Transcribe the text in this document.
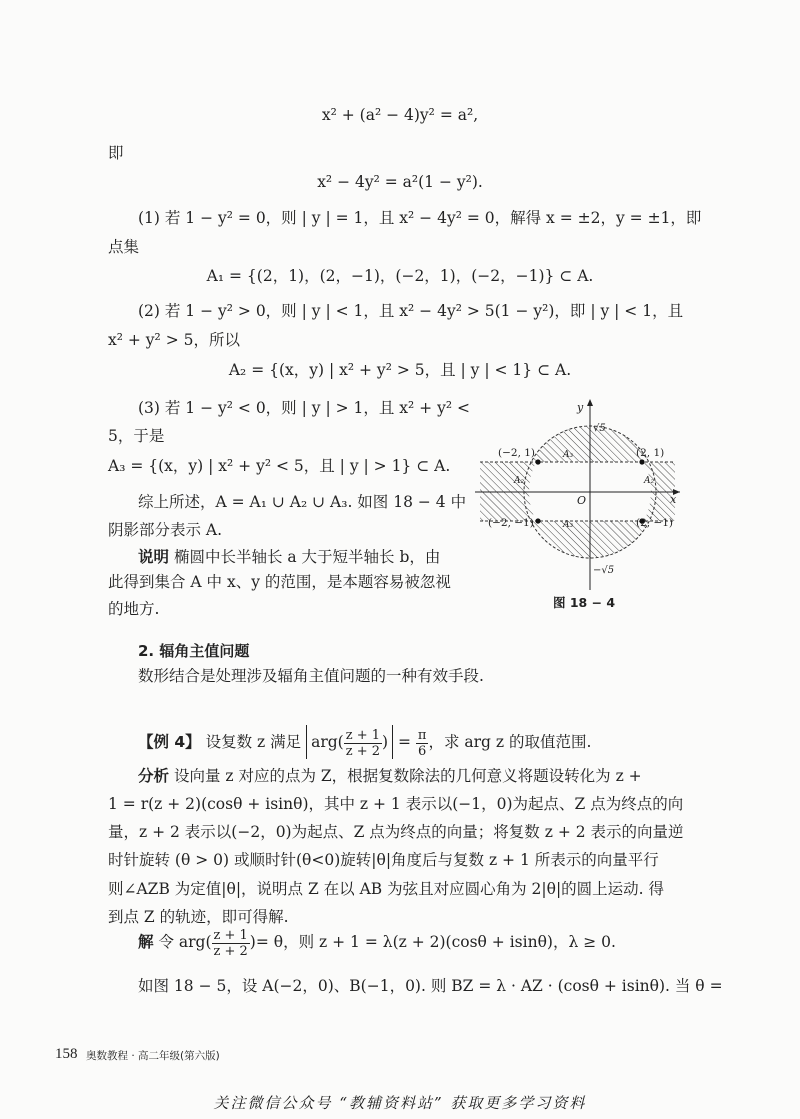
x² + (a² − 4)y² = a²,
即
x² − 4y² = a²(1 − y²).
(1) 若 1 − y² = 0，则 | y | = 1，且 x² − 4y² = 0，解得 x = ±2，y = ±1，即
点集
A₁ = {(2，1)，(2，−1)，(−2，1)，(−2，−1)} ⊂ A.
(2) 若 1 − y² > 0，则 | y | < 1，且 x² − 4y² > 5(1 − y²)，即 | y | < 1，且
x² + y² > 5，所以
A₂ = {(x，y) | x² + y² > 5，且 | y | < 1} ⊂ A.
(3) 若 1 − y² < 0，则 | y | > 1，且 x² + y² <
5，于是
A₃ = {(x，y) | x² + y² < 5，且 | y | > 1} ⊂ A.
综上所述，A = A₁ ∪ A₂ ∪ A₃. 如图 18 − 4 中
阴影部分表示 A.
说明 椭圆中长半轴长 a 大于短半轴长 b，由
此得到集合 A 中 x、y 的范围，是本题容易被忽视
的地方.
y
x
O
√5
−√5
A₃
A₂	A₂
A₃
(−2, 1)	(2, 1)
(−2, −1)	(2, −1)
图 18 − 4
2. 辐角主值问题
数形结合是处理涉及辐角主值问题的一种有效手段.
【例 4】 设复数 z 满足 $arg( \frac{z + 1}{z + 2}$ ) = $\frac{\pi}{6}$ ，求 arg z 的取值范围.
分析 设向量 z 对应的点为 Z，根据复数除法的几何意义将题设转化为 z +
1 = r(z + 2)(cosθ + isinθ)，其中 z + 1 表示以(−1，0)为起点、Z 点为终点的向
量，z + 2 表示以(−2，0)为起点、Z 点为终点的向量；将复数 z + 2 表示的向量逆
时针旋转 (θ > 0) 或顺时针(θ<0)旋转|θ|角度后与复数 z + 1 所表示的向量平行
则∠AZB 为定值|θ|，说明点 Z 在以 AB 为弦且对应圆心角为 2|θ|的圆上运动. 得
到点 Z 的轨迹，即可得解.
解 令 $arg( \frac{z + 1}{z + 2}$ )= θ，则 z + 1 = λ(z + 2)(cosθ + isinθ)，λ ≥ 0.
如图 18 − 5，设 A(−2，0)、B(−1，0). 则 BZ = λ · AZ · (cosθ + isinθ). 当 θ =
158 奥数教程 · 高二年级(第六版)
关注微信公众号 “教辅资料站” 获取更多学习资料
